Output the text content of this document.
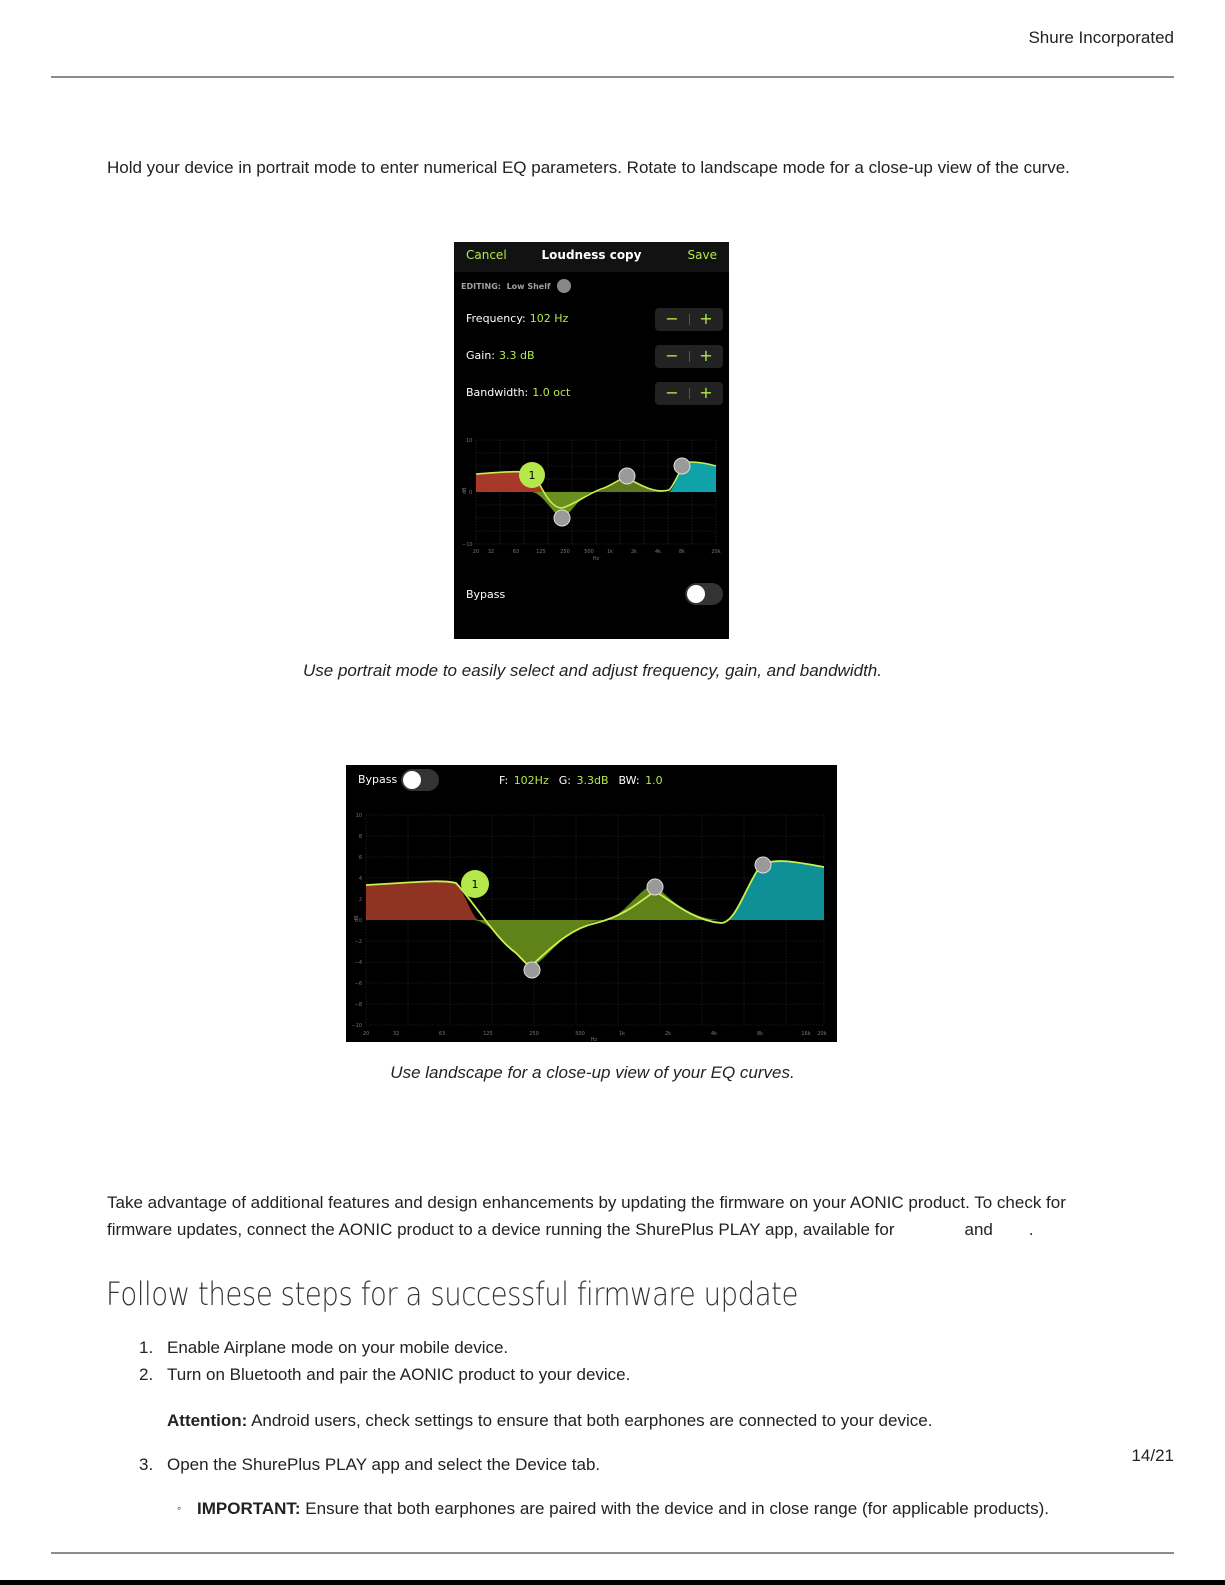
Shure Incorporated

Hold your device in portrait mode to enter numerical EQ parameters. Rotate to landscape mode for a close-up view of the curve.

Cancel	Loudness copy	Save
EDITING: Low Shelf
Frequency: 102 Hz	−	+
Gain: 3.3 dB	−	+
Bandwidth: 1.0 oct	−	+
1
dB
10
0
−10
20 32	63	125	250	500	1k	2k	4k	8k	20k
Hz
Bypass
Use portrait mode to easily select and adjust frequency, gain, and bandwidth.
Bypass	F: 102Hz G: 3.3dB BW: 1.0
1
dB
10
8
6
4
2
0
−2
−4
−6
−8
−10
20	32	63	125	250	500	1k	2k	4k	8k	16k 20k
Hz
Use landscape for a close-up view of your EQ curves.

Take advantage of additional features and design enhancements by updating the firmware on your AONIC product. To check for firmware updates, connect the AONIC product to a device running the ShurePlus PLAY app, available for	and .

Follow these steps for a successful firmware update
1. Enable Airplane mode on your mobile device.
2. Turn on Bluetooth and pair the AONIC product to your device.
Attention: Android users, check settings to ensure that both earphones are connected to your device.
3. Open the ShurePlus PLAY app and select the Device tab.
◦ IMPORTANT: Ensure that both earphones are paired with the device and in close range (for applicable products).
14/21
